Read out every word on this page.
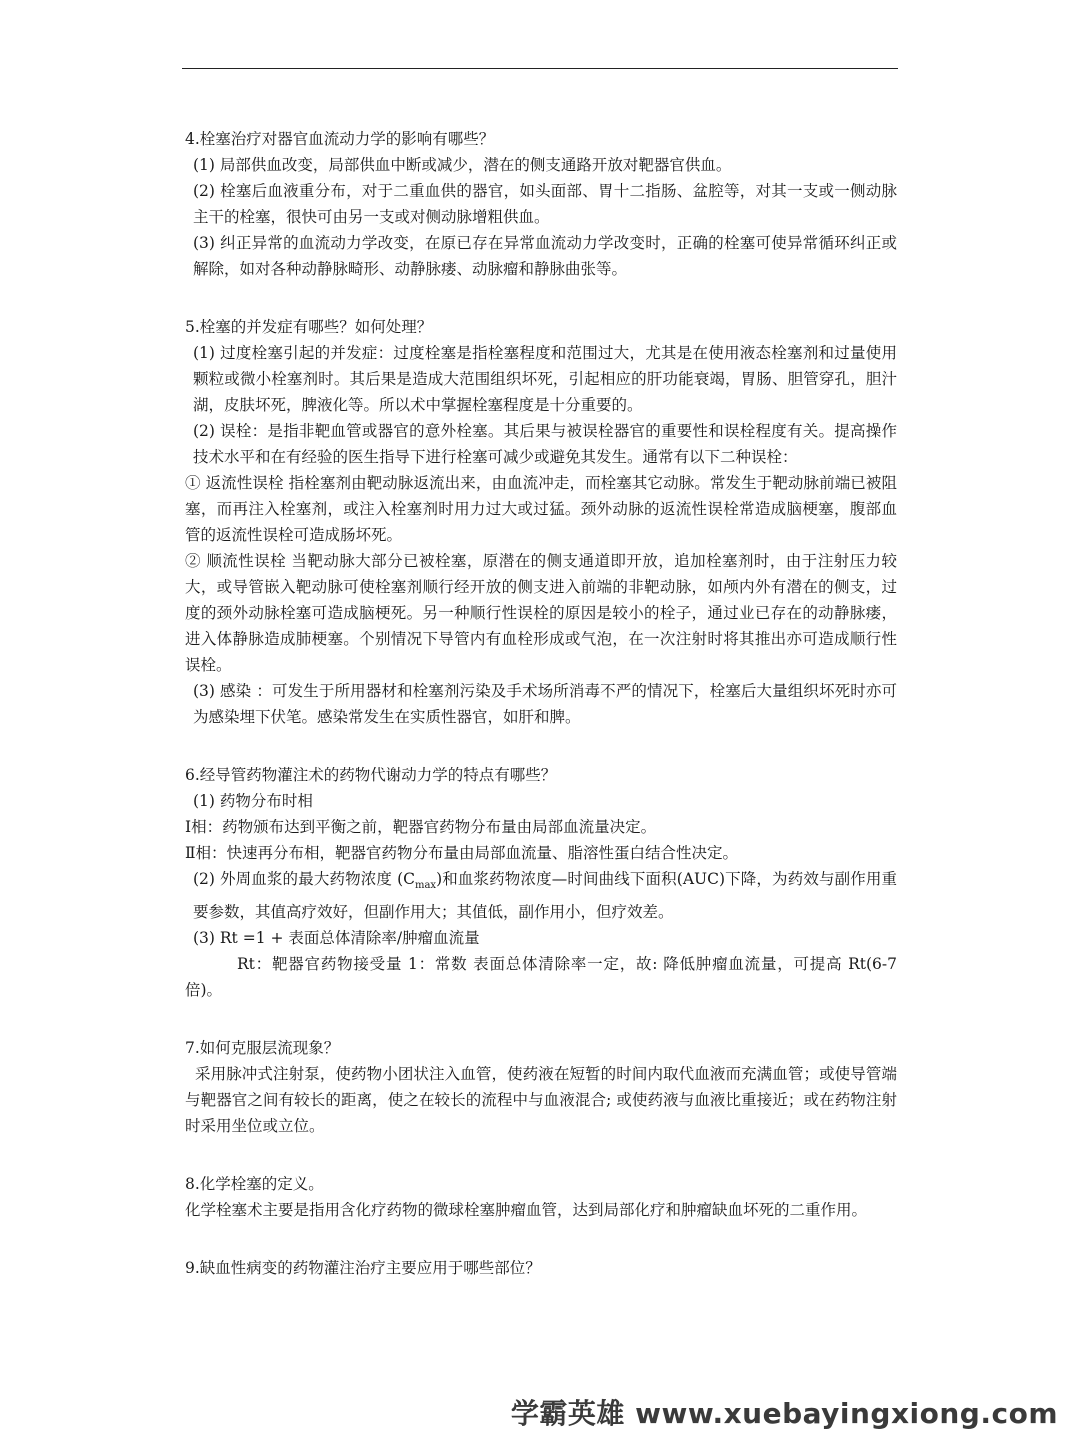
4.栓塞治疗对器官血流动力学的影响有哪些？

(1) 局部供血改变，局部供血中断或减少，潜在的侧支通路开放对靶器官供血。

(2) 栓塞后血液重分布，对于二重血供的器官，如头面部、胃十二指肠、盆腔等，对其一支或一侧动脉主干的栓塞，很快可由另一支或对侧动脉增粗供血。

(3) 纠正异常的血流动力学改变，在原已存在异常血流动力学改变时，正确的栓塞可使异常循环纠正或解除，如对各种动静脉畸形、动静脉瘘、动脉瘤和静脉曲张等。

5.栓塞的并发症有哪些？如何处理？

(1) 过度栓塞引起的并发症：过度栓塞是指栓塞程度和范围过大，尤其是在使用液态栓塞剂和过量使用颗粒或微小栓塞剂时。其后果是造成大范围组织坏死，引起相应的肝功能衰竭，胃肠、胆管穿孔，胆汁湖，皮肤坏死，脾液化等。所以术中掌握栓塞程度是十分重要的。

(2) 误栓：是指非靶血管或器官的意外栓塞。其后果与被误栓器官的重要性和误栓程度有关。提高操作技术水平和在有经验的医生指导下进行栓塞可减少或避免其发生。通常有以下二种误栓：

① 返流性误栓 指栓塞剂由靶动脉返流出来，由血流冲走，而栓塞其它动脉。常发生于靶动脉前端已被阻塞，而再注入栓塞剂，或注入栓塞剂时用力过大或过猛。颈外动脉的返流性误栓常造成脑梗塞，腹部血管的返流性误栓可造成肠坏死。

② 顺流性误栓 当靶动脉大部分已被栓塞，原潜在的侧支通道即开放，追加栓塞剂时，由于注射压力较大，或导管嵌入靶动脉可使栓塞剂顺行经开放的侧支进入前端的非靶动脉，如颅内外有潜在的侧支，过度的颈外动脉栓塞可造成脑梗死。另一种顺行性误栓的原因是较小的栓子，通过业已存在的动静脉瘘，进入体静脉造成肺梗塞。个别情况下导管内有血栓形成或气泡，在一次注射时将其推出亦可造成顺行性误栓。

(3) 感染 ：可发生于所用器材和栓塞剂污染及手术场所消毒不严的情况下，栓塞后大量组织坏死时亦可为感染埋下伏笔。感染常发生在实质性器官，如肝和脾。

6.经导管药物灌注术的药物代谢动力学的特点有哪些？

(1) 药物分布时相

Ⅰ相：药物颁布达到平衡之前，靶器官药物分布量由局部血流量决定。

Ⅱ相：快速再分布相，靶器官药物分布量由局部血流量、脂溶性蛋白结合性决定。

(2) 外周血浆的最大药物浓度 $(C_{max})$和血浆药物浓度—时间曲线下面积(AUC)下降，为药效与副作用重要参数，其值高疗效好，但副作用大；其值低，副作用小，但疗效差。

(3) Rt =1 + 表面总体清除率/肿瘤血流量

Rt：靶器官药物接受量 1：常数 表面总体清除率一定，故: 降低肿瘤血流量，可提高 Rt(6-7 倍)。

7.如何克服层流现象？

采用脉冲式注射泵，使药物小团状注入血管，使药液在短暂的时间内取代血液而充满血管；或使导管端与靶器官之间有较长的距离，使之在较长的流程中与血液混合; 或使药液与血液比重接近；或在药物注射时采用坐位或立位。

8.化学栓塞的定义。

化学栓塞术主要是指用含化疗药物的微球栓塞肿瘤血管，达到局部化疗和肿瘤缺血坏死的二重作用。

9.缺血性病变的药物灌注治疗主要应用于哪些部位？

学霸英雄 www.xuebayingxiong.com
